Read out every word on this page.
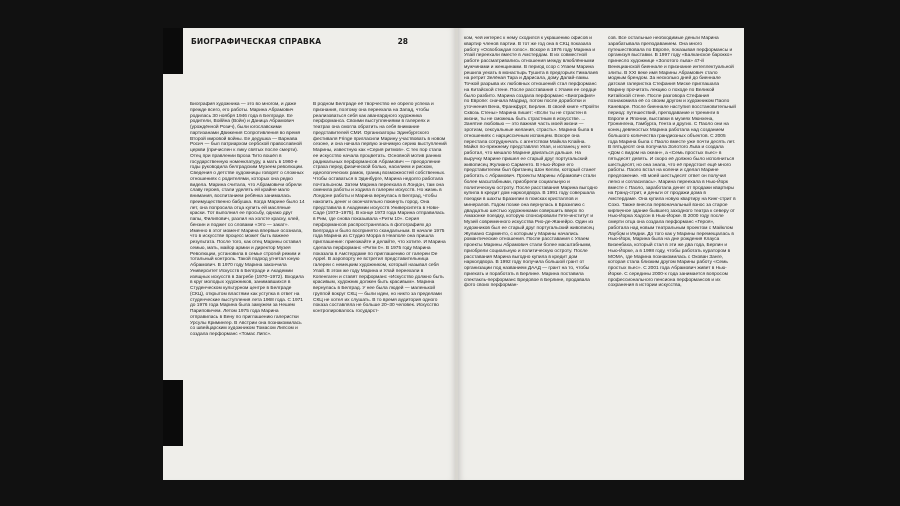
БИОГРАФИЧЕСКАЯ СПРАВКА	28

Биография художника — это во многом, и даже прежде всего, его работы. Марина Абрамович родилась 30 ноября 1946 года в Белграде. Ее родители, Воййна (Войн) и Даница Абрамович (урождённой Розич), были югославскими партизанами Движения Сопротивления во время Второй мировой войны. Ее дедушка — Варнава Росич — был патриархом сербской православной церкви (причислен к лику святых после смерти). Отец при правлении Броза Тито вошёл в государственную номенклатуру, а мать в 1960-е годы руководила белградским Музеем революции. Сведения о детстве художницы говорят о сложных отношениях с родителями, которых она редко видела. Марина считала, что Абрамовичи обрели славу героев, стали уделять ей крайне мало внимания, воспитанием ребёнка занималась преимущественно бабушка. Когда Марине было 14 лет, она попросила отца купить ей масляные краски. Тот выполнил ее просьбу, однако друг папы, Филипович, разлил на холсте краску, клей, бензин и поджег со словами «Это — закат». Именно в этот момент Марина впервые осознала, что в искусстве процесс может быть важнее результата. После того, как отец Марины оставил семью, мать, майор армии и директор Музея Революции, установила в семье строгий режим и тотальный контроль. Такой подход угнетал юную Абрамович. В 1970 году Марина закончила Университет Искусств в Белграде и Академии изящных искусств в Загребе (1970–1972). Входила в круг молодых художников, занимавшихся в Студенческом культурном центре в Белграде (СКЦ), открытом властями как уступка в ответ на студенческие выступления лета 1968 года. С 1971 до 1976 года Марина была замужем за Нешем Париповичем. Летом 1975 года Марина отправилась в Вену по приглашению галеристки Урсулы Кримингер. В Австрии она познакомилась со швейцарским художником Томасом Липсом и создала перформанс «Томас Липс».

В родном Белграде её творчество не обрело успеха и признания, поэтому она переехала на Запад, чтобы реализоваться себя как авангардного художника перформанса. Своими выступлениями в галереях и театрах она смогла обратить на себя внимание представителей СМИ. Организаторы Эдинбургского фестиваля Fringe пригласили Марину участвовать в новом сезоне, и она начала первую значимую серию выступлений Марины, известную как «Серия ритмов». С тех пор стала ее искусство начала процветать. Основной мотив ранних радикальных перформансов Абрамович — преодоление страха перед физической болью, насилием и риском, идеологических рамок, границ возможностей собственных. Чтобы оставаться в Эдинбурге, Марина недолго работала почтальоном. Затем Марина переехала в Лондон, там она сменила работы и ходила в галереи искусств. Но жизнь в Лондоне работы и Марина вернулась в Белград, чтобы накопить денег и окончательно покинуть город. Она представила в Академии искусств Университета в Нови-Саде (1973–1975). В конце 1973 года Марина отправилась в Рим, где снова показывала «Ритм 10». Серия перформансов распространялась в фотографиях до Белграда и было воспринято скандальным. В начале 1975 года Марина из Студио Морра в Неаполе она пришла приглашение: приезжайте и делайте, что хотите. И Марина сделала перформанс «Ритм 0». В 1975 году Марина показала в Амстердаме по приглашению от галереи De Appel. В аэропорту ее встретил представительница галереи с немецким художником, который называл себя Улай. В этом же году Марина и Улай переехали в Копенгаген и ставят перформанс «Искусство должно быть красивым, художник должен быть красивым». Марина вернулась в Белград. У нее была людей — маленькой группой вокруг СКЦ — были идеи, но никто за пределами СКЦ не хотел их слушать. В то время аудитория одного показа составляла не больше 20–30 человек. Искусство контролировалось государст-

ком, чей интерес к нему сходился к украшению офисов и квартир членов партии. В тот же год она в СКЦ показала работу «Освобождая голос». Вскоре в 1976 году Марина и Улай переехали вместе в Амстердам. В их совместной работе рассматривались отношения между влюблёнными мужчинами и женщинами. В период ссор с Улаем Марина решила уехать в монастырь Тушита в предгорьях Гималаев на ретрит Зелёная Тара и Дарисала, дому Далай-ламы. Точкой разрыва их любовных отношений стал перформанс на Китайской стене. После расставания с Улаем ее сердце было разбито. Марина создала перформанс «Биография» по Европе: сначала Мадрид, потом после доработки и уточнения Вена, Франкфурт, Берлин. В своей книге «Пройти Сквозь Стены» Марина пишет: «Если ты не страстен в жизни, ты не сможешь быть страстным в искусстве. ... Занятие любовью — это важная часть моей жизни — эротизм, сексуальные желания, страсть». Марина была в отношениях с нарциссичным испанцем. Вскоре она перестала сотрудничать с агентством Майкла Клайна. Майкл по-прежнему представлял Улая, и испанец у него работал, что мешало Марине двигаться дальше. На выручку Марине пришел ее старый друг португальский живописец Жулиано Сарменто. В Нью-Йорке его представителем был британец Шон Келли, который станет работать с Абрамович. Проекты Марины Абрамович стали более масштабными, приобрели социальную и политическую остроту. После расставания Марина выгодно купила в кредит дом нарколдвора. В 1991 году совершала поездки в шахты Бразилии в поисках кристаллов и минералов. Годом позже она вернулась в Бразилию с двадцатью шестью художниками совершить вверх по Амазонке поездку, которую спонсировали Гете-институт и Музей современного искусства Рио-де-Жанейро. Один из художников был ее старый друг португальский живописец Жулиано Сарменто, с которым у Марины начались романтические отношения. После расставания с Улаем проекты Марины Абрамович стали более масштабными, приобрели социальную и политическую остроту. После расставания Марина выгодно купила в кредит дом нарколдвора. В 1992 году получила большой грант от организации под названием ДААД — грант на то, чтобы приехать и поработать в Берлине. Марина поставила спектакль-перформанс Бредовое в Берлине, продавала фото своих перформан-

сов. Все остальные необходимые деньги Марина зарабатывала преподаванием. Она много путешествовала по Европе, показывая перформансы и организуя выставки. В 1997 году «Балканское барокко» принесло художнице «Золотого льва» 47-й Венецианской биеннале и признание интеллектуальной элиты. В XXI веке имя Марины Абрамович стало модным брендом. За несколько дней до биеннале датская галеристка Стефания Миске приглашала Марину прочитать лекцию о походе по Великой Китайской стене. После разговора Стефания познакомила её со своим другом и художником Паоло Каневаре. После биеннале наступил восстановительный период: путешествий, преподавание и тренинги в Европе и Японии, выставки в музеях Мюнхена, Гронингена, Гамбурга, Гента и других. С Паоло они на конец девяностых Марина работала над созданием большого количества грандиозных объектов. С 2005 года Марина была с Паоло вместе уже почти десять лет. В пятьдесят она получила Золотого Льва и создала «Дом с видом на океан», а «Семь простых пьес» в пятьдесят девять. И скоро её должно было исполниться шестьдесят, но она знала, что её предстоит ещё много работы. Паоло встал на колени и сделал Марине предложение. «В моей шестьдесят ответ он получил легко и согласилась». Марина переехала в Нью-Йорк вместе с Паоло, заработала денег от продажи квартиры на Гранд-стрит, и деньги от продажи дома в Амстердаме. Она купила новую квартиру на Кинг-стрит в Сохо. Также внесла первоначальный взнос за старое кирпичное здание бывшего заходного театра к северу от Нью-Йорка Хадсон в Нью-Йорке. В 2000 году после смерти отца она создала перформанс «Героя», работала над новым театральным проектом с Майклом Лаубом и Индии. До того как у Марины перемещалась в Нью-Йорк, Марина была на дне рождения Клауса Бизенбаха, который стал в эти же два года, Берлин и Нью-Йорке, а в 1998 году, чтобы работать куратором в МОМА, где Марина познакомилась с Окован Занге, которая стала близким другом Марины работу «Семь простых пьес». С 2001 года Абрамович живет в Нью-Йорке. С середины 2000-х года занимается вопросом профессионального пенсиона перформансов и их сохранения в истории искусства,
